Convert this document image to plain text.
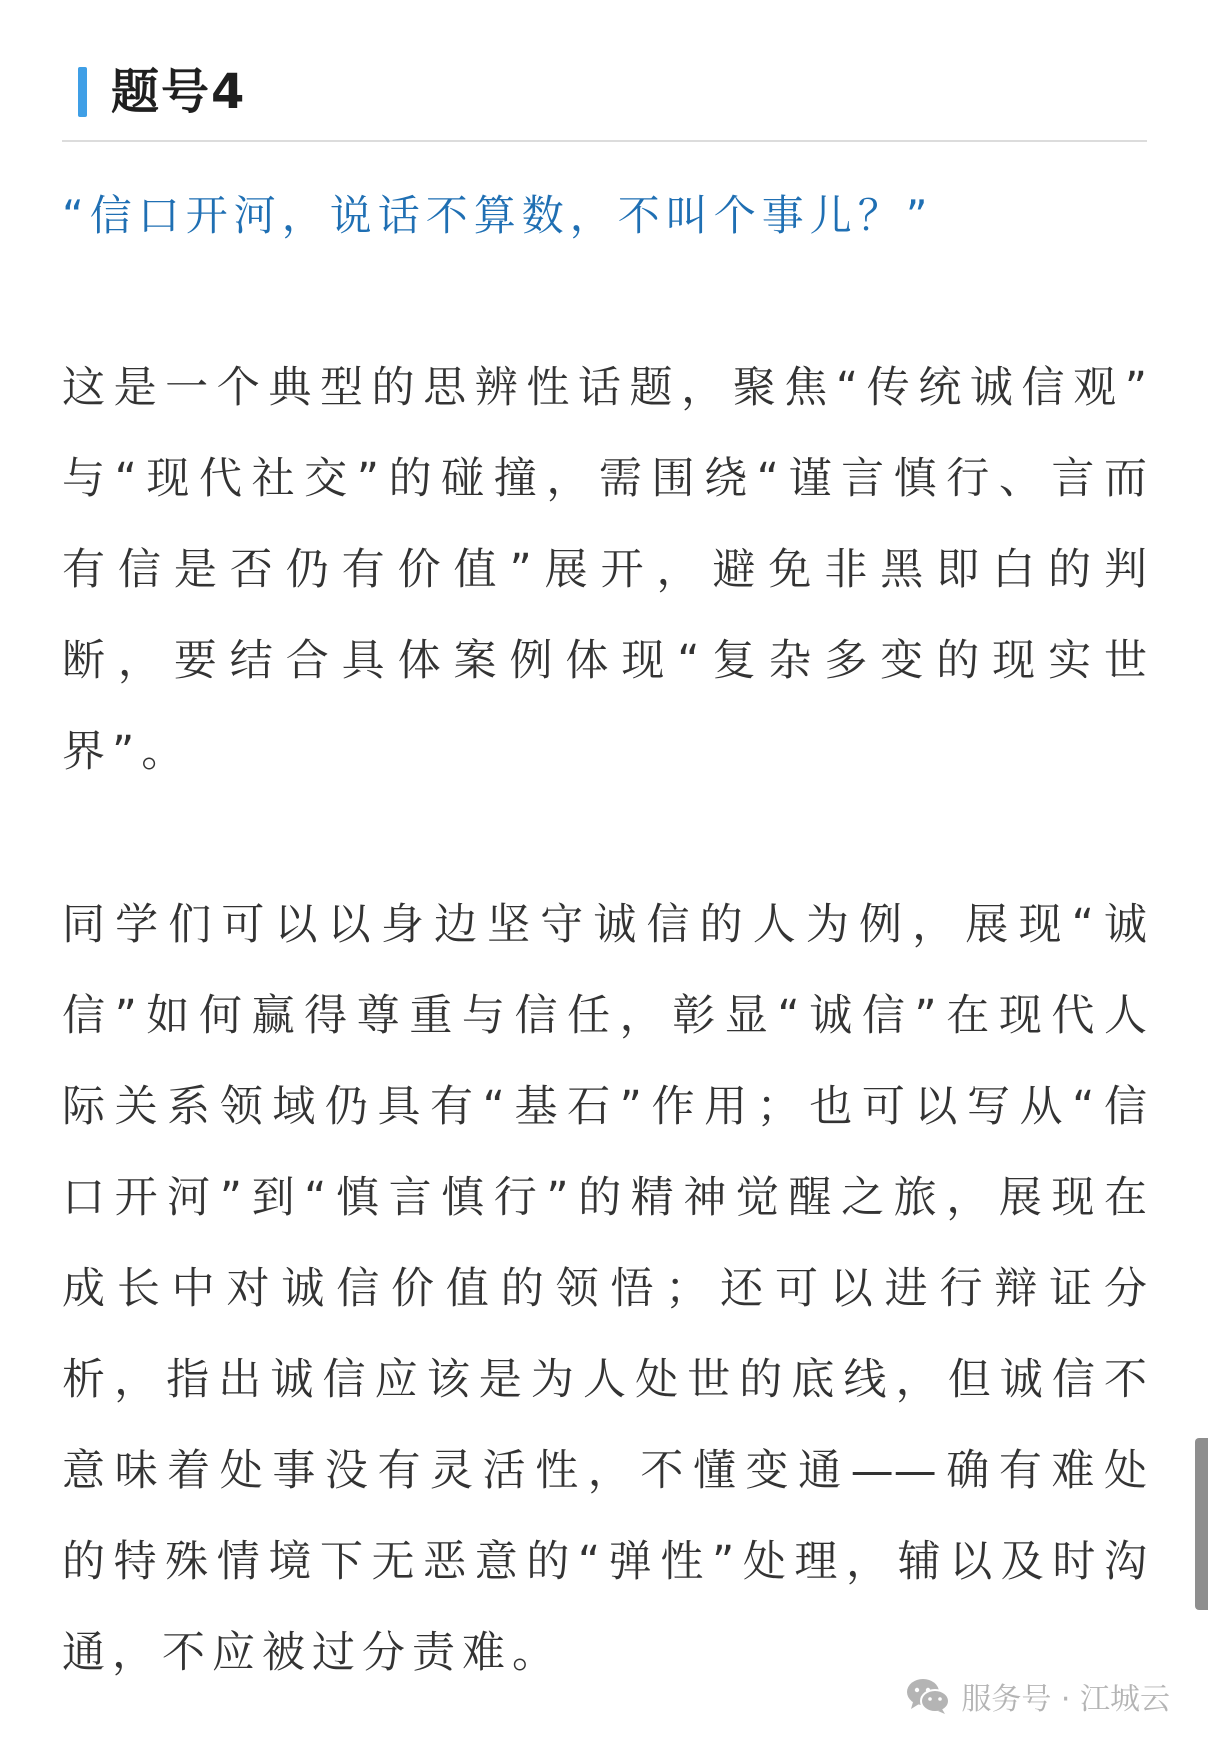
题号4
“信口开河，说话不算数，不叫个事儿？”
这是一个典型的思辨性话题，聚焦“传统诚信观”
与“现代社交”的碰撞，需围绕“谨言慎行、言而
有信是否仍有价值”展开，避免非黑即白的判
断，要结合具体案例体现“复杂多变的现实世
界”。
同学们可以以身边坚守诚信的人为例，展现“诚
信”如何赢得尊重与信任，彰显“诚信”在现代人
际关系领域仍具有“基石”作用；也可以写从“信
口开河”到“慎言慎行”的精神觉醒之旅，展现在
成长中对诚信价值的领悟；还可以进行辩证分
析，指出诚信应该是为人处世的底线，但诚信不
意味着处事没有灵活性，不懂变通——确有难处
的特殊情境下无恶意的“弹性”处理，辅以及时沟
通，不应被过分责难。
服务号 · 江城云
